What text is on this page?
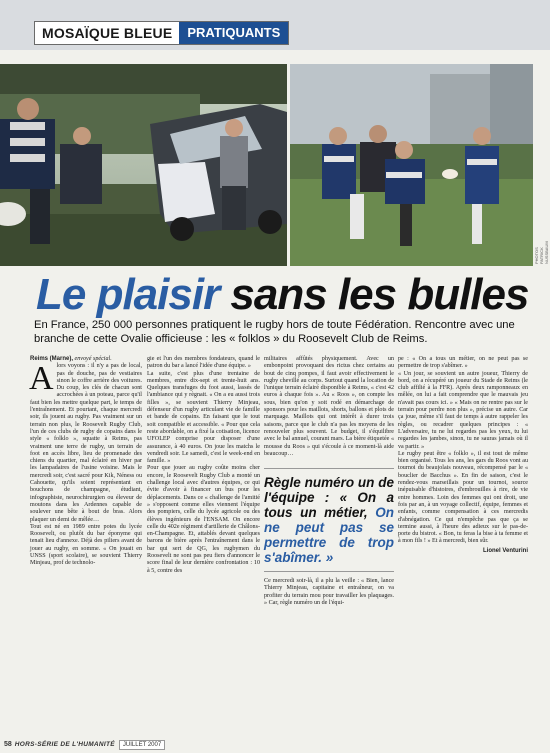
MOSAÏQUE BLEUE	PRATIQUANTS
PHOTOS PATRICK NUSSBAUM
Le plaisir sans les bulles
En France, 250 000 personnes pratiquent le rugby hors de toute Fédération. Rencontre avec une branche de cette Ovalie officieuse : les « folklos » du Roosevelt Club de Reims.

Reims (Marne), envoyé spécial.

Alors voyons : il n'y a pas de local, pas de douche, pas de vestiaires sinon le coffre arrière des voitures. Du coup, les clés de chacun sont accrochées à un poteau, parce qu'il faut bien les mettre quelque part, le temps de l'entraînement. Et pourtant, chaque mercredi soir, ils jouent au rugby. Pas vraiment sur un terrain non plus, le Roosevelt Rugby Club, l'un de ces clubs de rugby de copains dans le style « folklo », squatte à Reims, pas vraiment une terre de rugby, un terrain de foot en accès libre, lieu de promenade des chiens du quartier, mal éclairé en hiver par les lampadaires de l'usine voisine. Mais le mercredi soir, c'est sacré pour Kik, Néness ou Cahouette, qu'ils soient représentant en bouchons de champagne, étudiant, infographiste, neurochirurgien ou éleveur de moutons dans les Ardennes capable de soulever une bête à bout de bras. Alors plaquer un demi de mêlée…

Tout est né en 1989 entre potes du lycée Roosevelt, ou plutôt du bar éponyme qui tenait lieu d'annexe. Déjà des piliers avant de jouer au rugby, en somme. « On jouait en UNSS (sport scolaire), se souvient Thierry Minjeau, prof de technolo-

gie et l'un des membres fondateurs, quand le patron du bar a lancé l'idée d'une équipe. »

La suite, c'est plus d'une trentaine de membres, entre dix-sept et trente-huit ans. Quelques transfuges du foot aussi, lassés de l'ambiance qui y règnait. « On a eu aussi trois filles », se souvient Thierry Minjeau, défenseur d'un rugby articulant vie de famille et bande de copains. En faisant que le tout soit compatible et accessible. « Pour que cela reste abordable, on a fixé la cotisation, licence UFOLEP comprise pour disposer d'une assurance, à 40 euros. On joue les matchs le vendredi soir. Le samedi, c'est le week-end en famille. »

Pour que jouer au rugby coûte moins cher encore, le Roosevelt Rugby Club a monté un challenge local avec d'autres équipes, ce qui évite d'avoir à financer un bus pour les déplacements. Dans ce « challenge de l'amitié » s'opposent comme elles viennent l'équipe des pompiers, celle du lycée agricole ou des élèves ingénieurs de l'ENSAM. On encore celle du 402e régiment d'artillerie de Châlons-en-Champagne. Et, attablés devant quelques barons de bière après l'entraînement dans le bar qui sert de QG, les rugbymen du Roosevelt ne sont pas peu fiers d'annoncer le score final de leur dernière confrontation : 10 à 5, contre des

militaires affûtés physiquement. Avec un embonpoint provoquant des rictus chez certains au bout de cinq pompes, il faut avoir effectivement le rugby chevillé au corps. Surtout quand la location de l'unique terrain éclairé disponible à Reims, « c'est 42 euros à chaque fois ». Au « Roos », on compte les sous, bien qu'on y soit rodé en démarchage de sponsors pour les maillots, shorts, ballons et plots de marquage. Maillots qui ont intérêt à durer trois saisons, parce que le club n'a pas les moyens de les renouveler plus souvent. Le budget, il s'équilibre avec le bal annuel, courant mars. La bière étiquetée « mousse du Roos » qui s'écoule à ce moment-là aide beaucoup…

Règle numéro un de l'équipe : « On a tous un métier, On ne peut pas se permettre de trop s'abîmer. »

Ce mercredi soir-là, il a plu la veille : « Bien, lance Thierry Minjeau, capitaine et entraîneur, on va profiter du terrain mou pour travailler les plaquages. » Car, règle numéro un de l'équi-

pe : « On a tous un métier, on ne peut pas se permettre de trop s'abîmer. »

« Un jour, se souvient un autre joueur, Thierry de bord, on a récupéré un joueur du Stade de Reims (le club affilié à la FFR). Après deux ramponneaux en mêlée, on lui a fait comprendre que le mauvais jeu n'avait pas cours ici. » « Mais on ne rentre pas sur le terrain pour perdre non plus », précise un autre. Car ça joue, même s'il faut de temps à autre rappeler les règles, ou recadrer quelques principes : « L'adversaire, tu ne lui regardes pas les yeux, tu lui regardes les jambes, sinon, tu ne sauras jamais où il va partir. »

Le rugby peut être « folklo », il est tout de même bien organisé. Tous les ans, les gars du Roos vont au tournoi du beaujolais nouveau, récompensé par le « bouclier de Bacchus ». En fin de saison, c'est le rendez-vous marseillais pour un tournoi, source inépuisable d'histoires, d'embrouilles à rire, de vie entre hommes. Loin des femmes qui ont droit, une fois par an, à un voyage collectif, équipe, femmes et enfants, comme compensation à ces mercredis d'abnégation. Ce qui n'empêche pas que ça se termine aussi, à l'heure des adieux sur le pas-de-porte du bistrot. « Bon, tu feras la bise à ta femme et à mon fils ! » Et à mercredi, bien sûr.

Lionel Venturini
58 HORS-SÉRIE DE L'HUMANITÉ	JUILLET 2007
